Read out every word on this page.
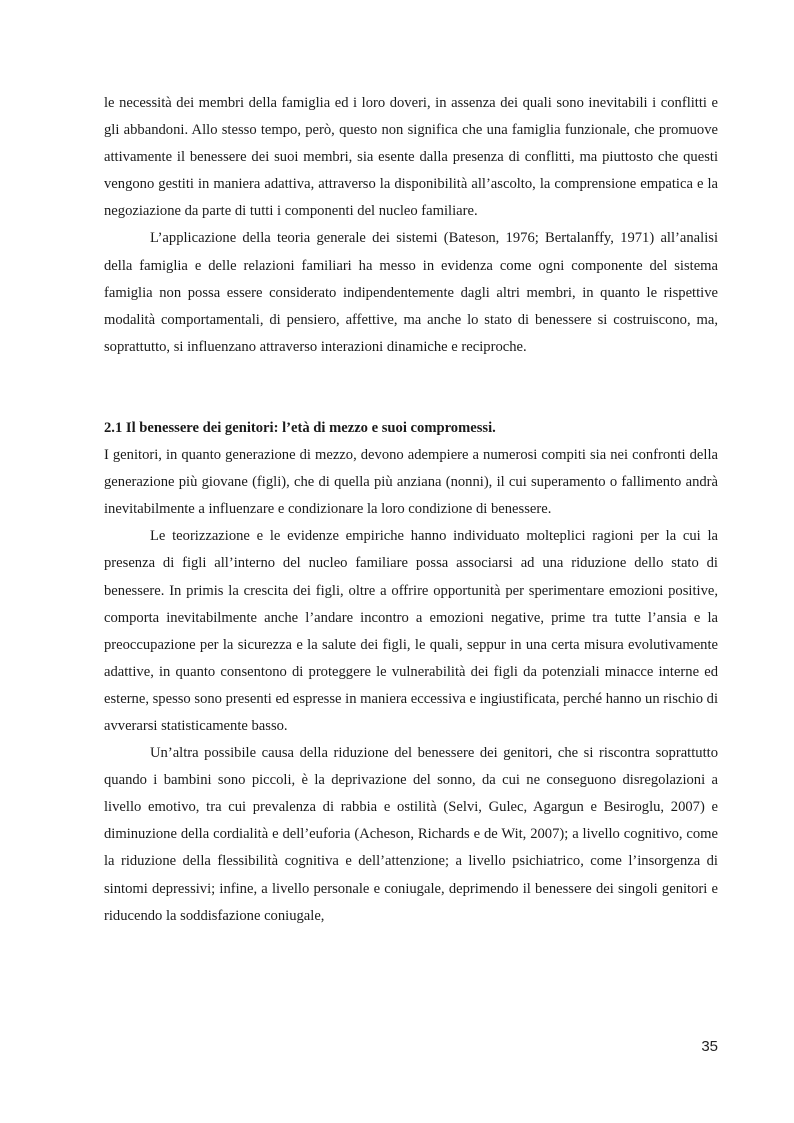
le necessità dei membri della famiglia ed i loro doveri, in assenza dei quali sono inevitabili i conflitti e gli abbandoni. Allo stesso tempo, però, questo non significa che una famiglia funzionale, che promuove attivamente il benessere dei suoi membri, sia esente dalla presenza di conflitti, ma piuttosto che questi vengono gestiti in maniera adattiva, attraverso la disponibilità all’ascolto, la comprensione empatica e la negoziazione da parte di tutti i componenti del nucleo familiare.

L’applicazione della teoria generale dei sistemi (Bateson, 1976; Bertalanffy, 1971) all’analisi della famiglia e delle relazioni familiari ha messo in evidenza come ogni componente del sistema famiglia non possa essere considerato indipendentemente dagli altri membri, in quanto le rispettive modalità comportamentali, di pensiero, affettive, ma anche lo stato di benessere si costruiscono, ma, soprattutto, si influenzano attraverso interazioni dinamiche e reciproche.

2.1 Il benessere dei genitori: l’età di mezzo e suoi compromessi.

I genitori, in quanto generazione di mezzo, devono adempiere a numerosi compiti sia nei confronti della generazione più giovane (figli), che di quella più anziana (nonni), il cui superamento o fallimento andrà inevitabilmente a influenzare e condizionare la loro condizione di benessere.

Le teorizzazione e le evidenze empiriche hanno individuato molteplici ragioni per la cui la presenza di figli all’interno del nucleo familiare possa associarsi ad una riduzione dello stato di benessere. In primis la crescita dei figli, oltre a offrire opportunità per sperimentare emozioni positive, comporta inevitabilmente anche l’andare incontro a emozioni negative, prime tra tutte l’ansia e la preoccupazione per la sicurezza e la salute dei figli, le quali, seppur in una certa misura evolutivamente adattive, in quanto consentono di proteggere le vulnerabilità dei figli da potenziali minacce interne ed esterne, spesso sono presenti ed espresse in maniera eccessiva e ingiustificata, perché hanno un rischio di avverarsi statisticamente basso.

Un’altra possibile causa della riduzione del benessere dei genitori, che si riscontra soprattutto quando i bambini sono piccoli, è la deprivazione del sonno, da cui ne conseguono disregolazioni a livello emotivo, tra cui prevalenza di rabbia e ostilità (Selvi, Gulec, Agargun e Besiroglu, 2007) e diminuzione della cordialità e dell’euforia (Acheson, Richards e de Wit, 2007); a livello cognitivo, come la riduzione della flessibilità cognitiva e dell’attenzione; a livello psichiatrico, come l’insorgenza di sintomi depressivi; infine, a livello personale e coniugale, deprimendo il benessere dei singoli genitori e riducendo la soddisfazione coniugale,

35
